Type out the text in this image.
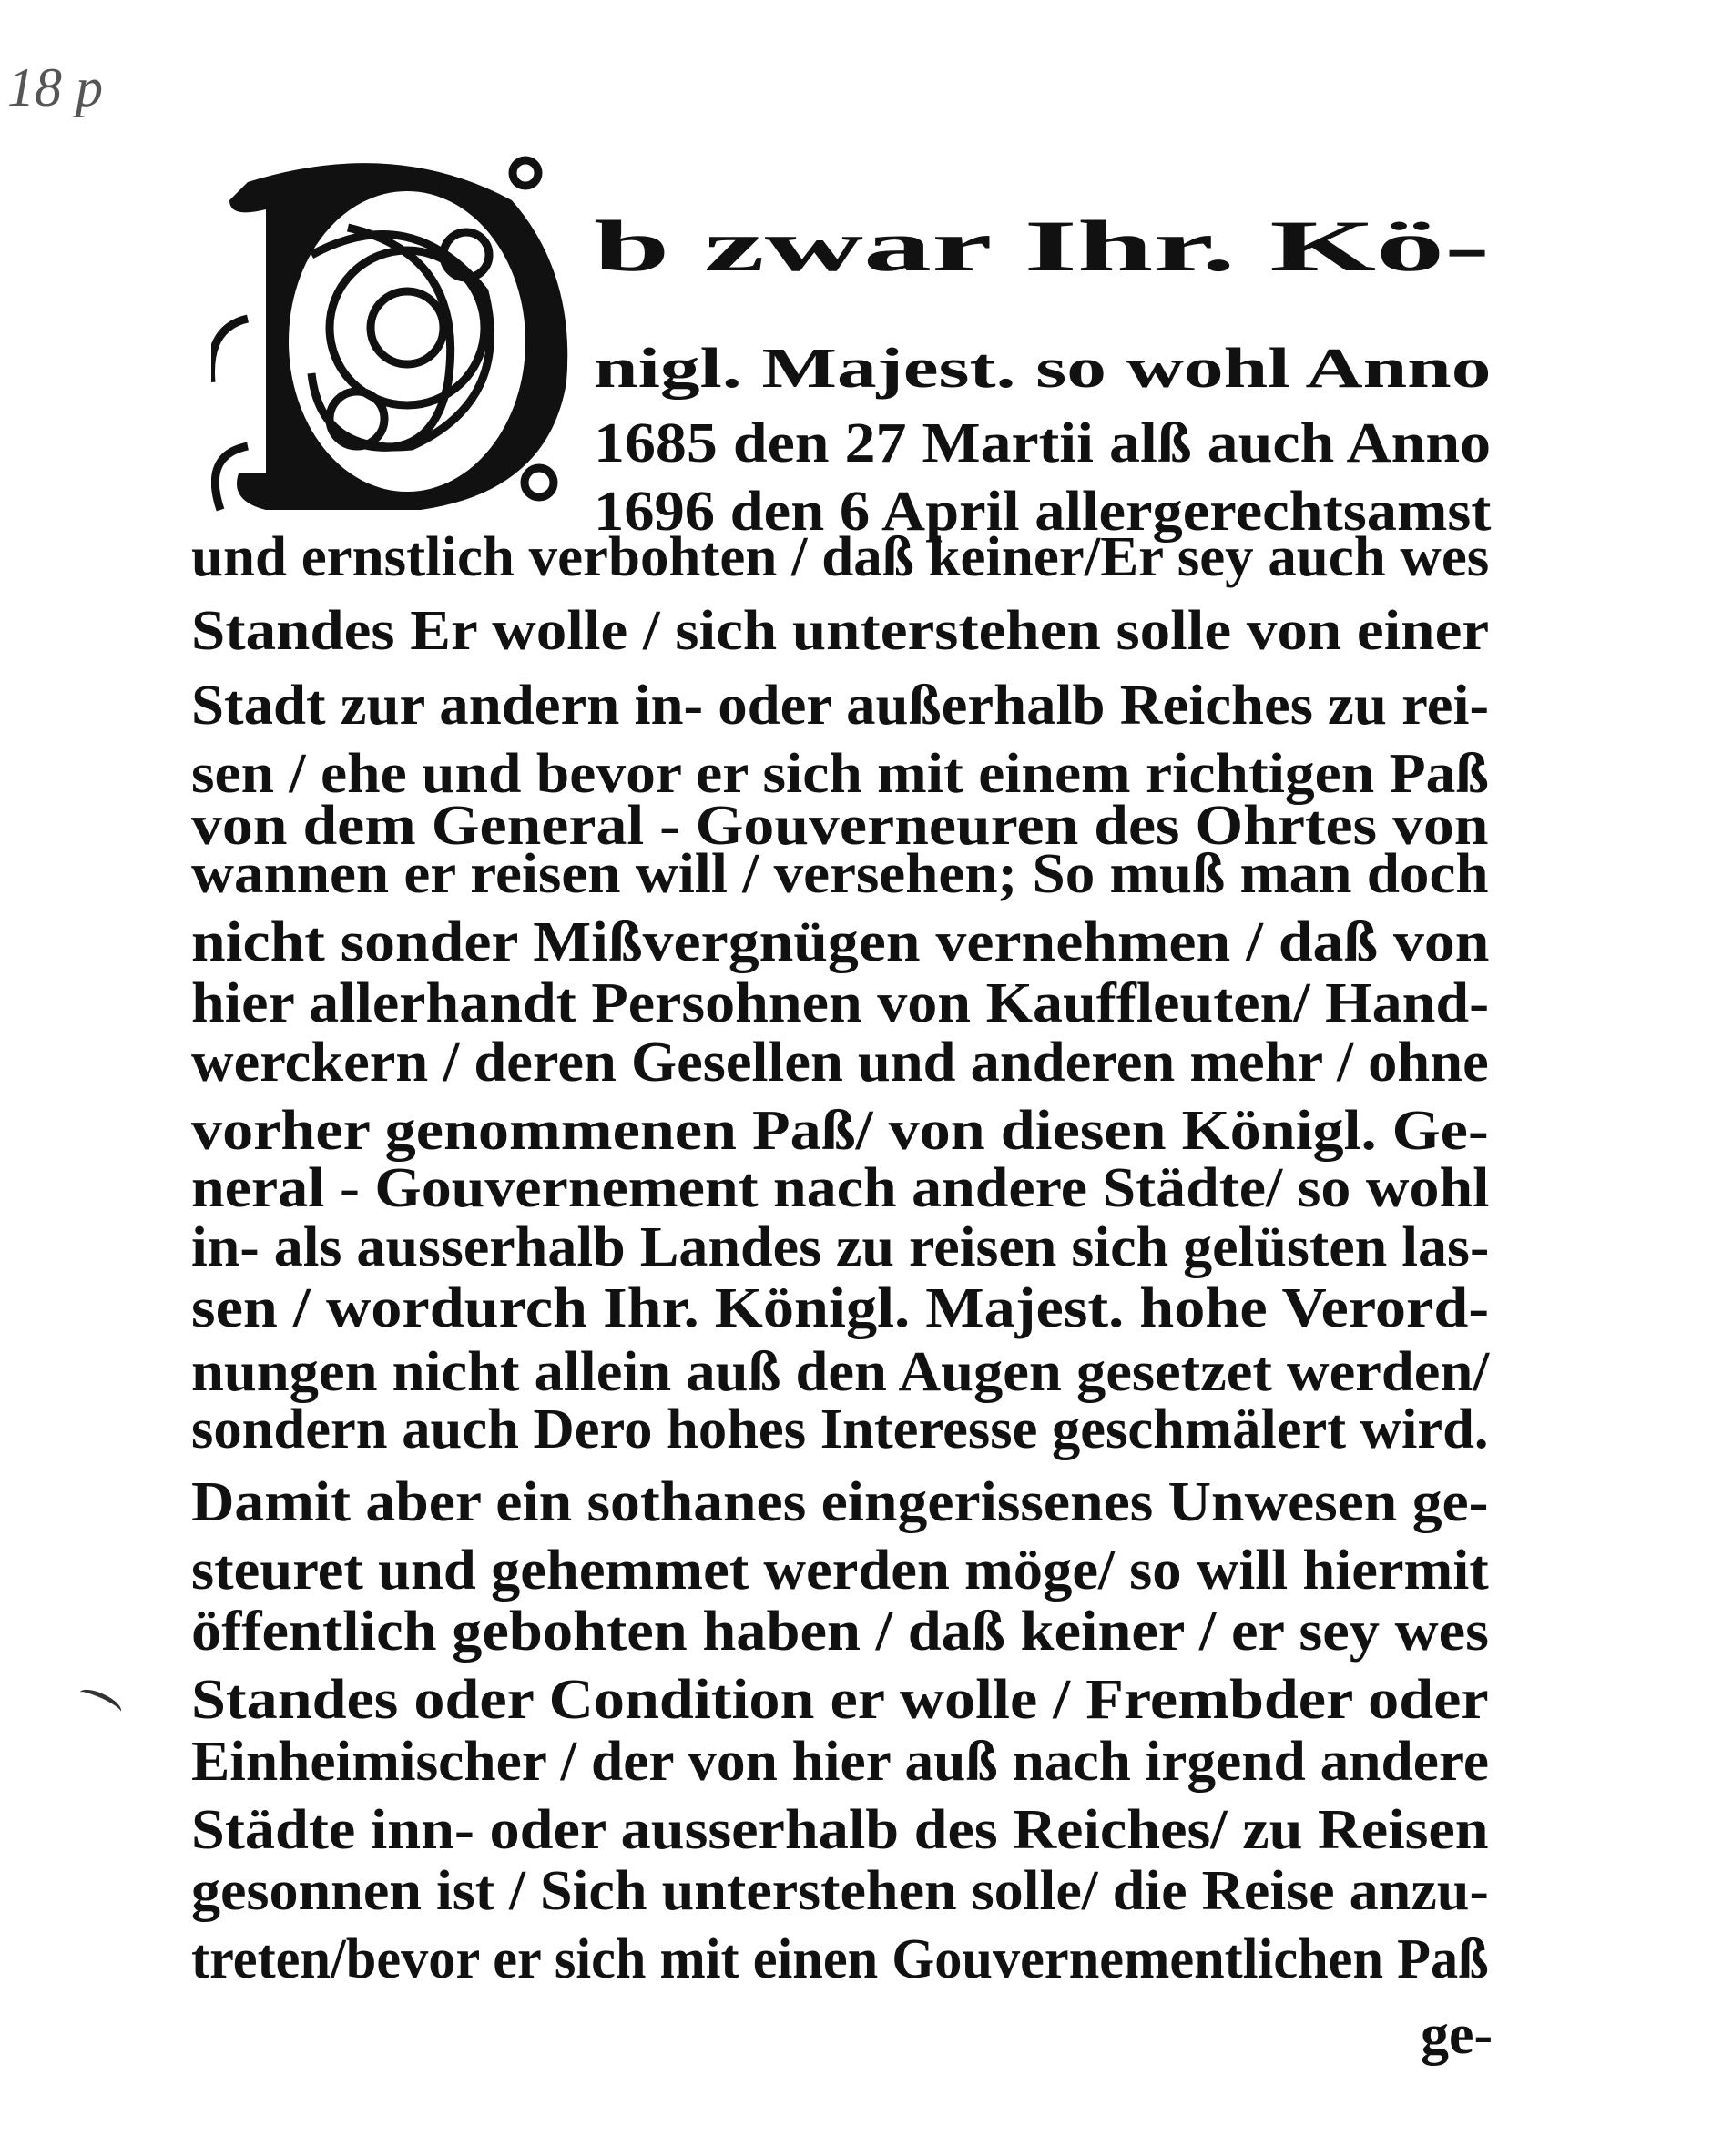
18 p
b zwar Ihr. Kö-
nigl. Majest. so wohl Anno
1685 den 27 Martii alß auch Anno
1696 den 6 April allergerechtsamst
und ernstlich verbohten / daß keiner/Er sey auch wes
Standes Er wolle / sich unterstehen solle von einer
Stadt zur andern in- oder außerhalb Reiches zu rei-
sen / ehe und bevor er sich mit einem richtigen Paß
von dem General - Gouverneuren des Ohrtes von
wannen er reisen will / versehen; So muß man doch
nicht sonder Mißvergnügen vernehmen / daß von
hier allerhandt Persohnen von Kauffleuten/ Hand-
werckern / deren Gesellen und anderen mehr / ohne
vorher genommenen Paß/ von diesen Königl. Ge-
neral - Gouvernement nach andere Städte/ so wohl
in- als ausserhalb Landes zu reisen sich gelüsten las-
sen / wordurch Ihr. Königl. Majest. hohe Verord-
nungen nicht allein auß den Augen gesetzet werden/
sondern auch Dero hohes Interesse geschmälert wird.
Damit aber ein sothanes eingerissenes Unwesen ge-
steuret und gehemmet werden möge/ so will hiermit
öffentlich gebohten haben / daß keiner / er sey wes
Standes oder Condition er wolle / Frembder oder
Einheimischer / der von hier auß nach irgend andere
Städte inn- oder ausserhalb des Reiches/ zu Reisen
gesonnen ist / Sich unterstehen solle/ die Reise anzu-
treten/bevor er sich mit einen Gouvernementlichen Paß
ge-
